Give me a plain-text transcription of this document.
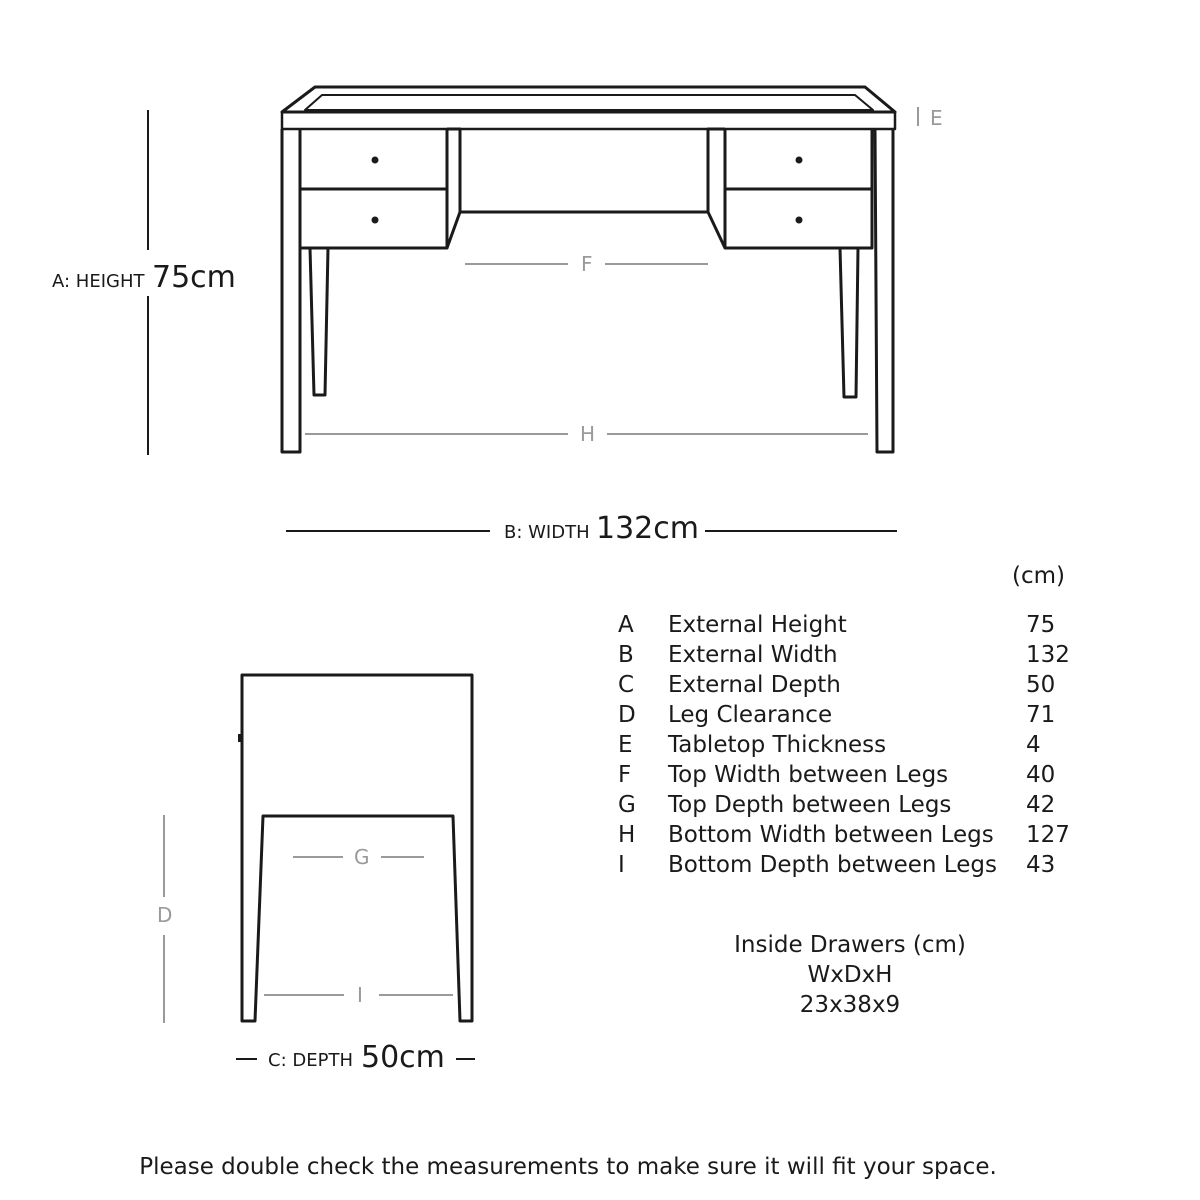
A: HEIGHT 75cm
E
F
H
B: WIDTH 132cm
G
I
D
C: DEPTH 50cm
(cm)
A	External Height	75
B	External Width	132
C	External Depth	50
D	Leg Clearance	71
E	Tabletop Thickness	4
F	Top Width between Legs	40
G	Top Depth between Legs	42
H	Bottom Width between Legs	127
I	Bottom Depth between Legs	43
Inside Drawers (cm)
WxDxH
23x38x9
Please double check the measurements to make sure it will fit your space.
